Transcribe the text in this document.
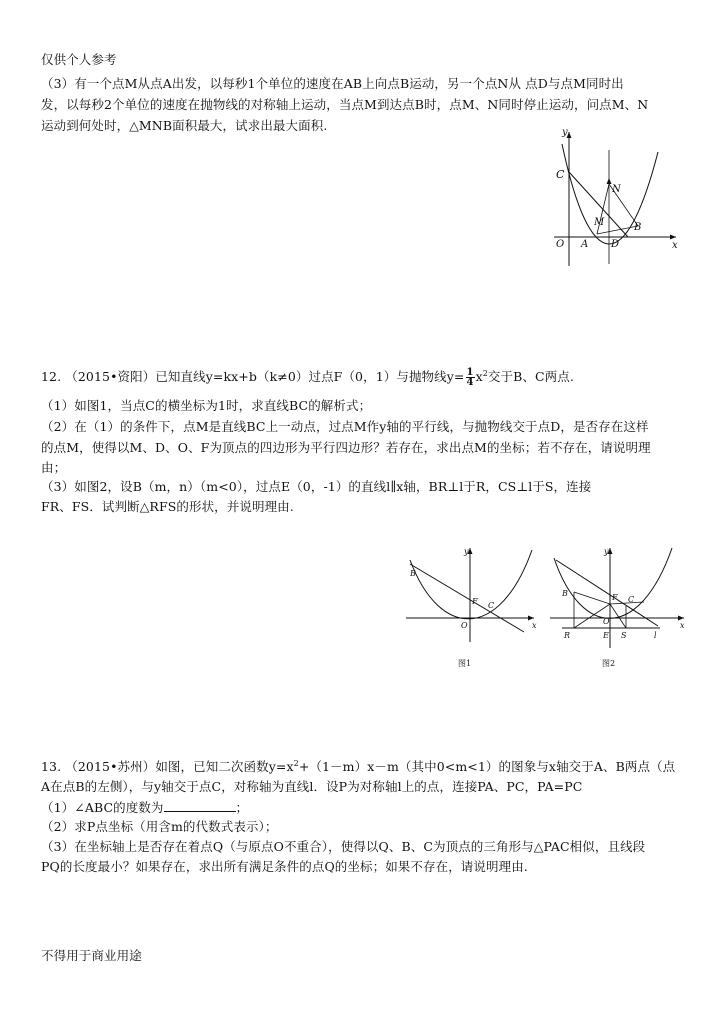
仅供个人参考
（3）有一个点M从点A出发，以每秒1个单位的速度在AB上向点B运动，另一个点N从 点D与点M同时出
发，以每秒2个单位的速度在抛物线的对称轴上运动，当点M到达点B时，点M、N同时停止运动，问点M、N
运动到何处时，△MNB面积最大，试求出最大面积.	y
x
C
N
M	B
O A D
12. （2015•资阳）已知直线y=kx+b（k≠0）过点F（0，1）与抛物线$y= \frac{1}{4} x^2$交于B、C两点.
（1）如图1，当点C的横坐标为1时，求直线BC的解析式；
（2）在（1）的条件下，点M是直线BC上一动点，过点M作y轴的平行线，与抛物线交于点D，是否存在这样
的点M，使得以M、D、O、F为顶点的四边形为平行四边形？若存在，求出点M的坐标；若不存在，请说明理
由；
（3）如图2，设B（m，n）（m<0），过点E（0，-1）的直线l∥x轴，BR⊥l于R，CS⊥l于S，连接
FR、FS．试判断△RFS的形状，并说明理由.
y
x
B
F C
O
图1
y
x
B	F C
O
R	E S	l
图2
13. （2015•苏州）如图，已知二次函数$y=x^2+(1-m)x-m$（其中0<m<1）的图象与x轴交于A、B两点（点
A在点B的左侧），与y轴交于点C，对称轴为直线l．设P为对称轴l上的点，连接PA、PC，PA=PC
（1）∠ABC的度数为	；
（2）求P点坐标（用含m的代数式表示）；
（3）在坐标轴上是否存在着点Q（与原点O不重合），使得以Q、B、C为顶点的三角形与△PAC相似，且线段
PQ的长度最小？如果存在，求出所有满足条件的点Q的坐标；如果不存在，请说明理由.
不得用于商业用途
